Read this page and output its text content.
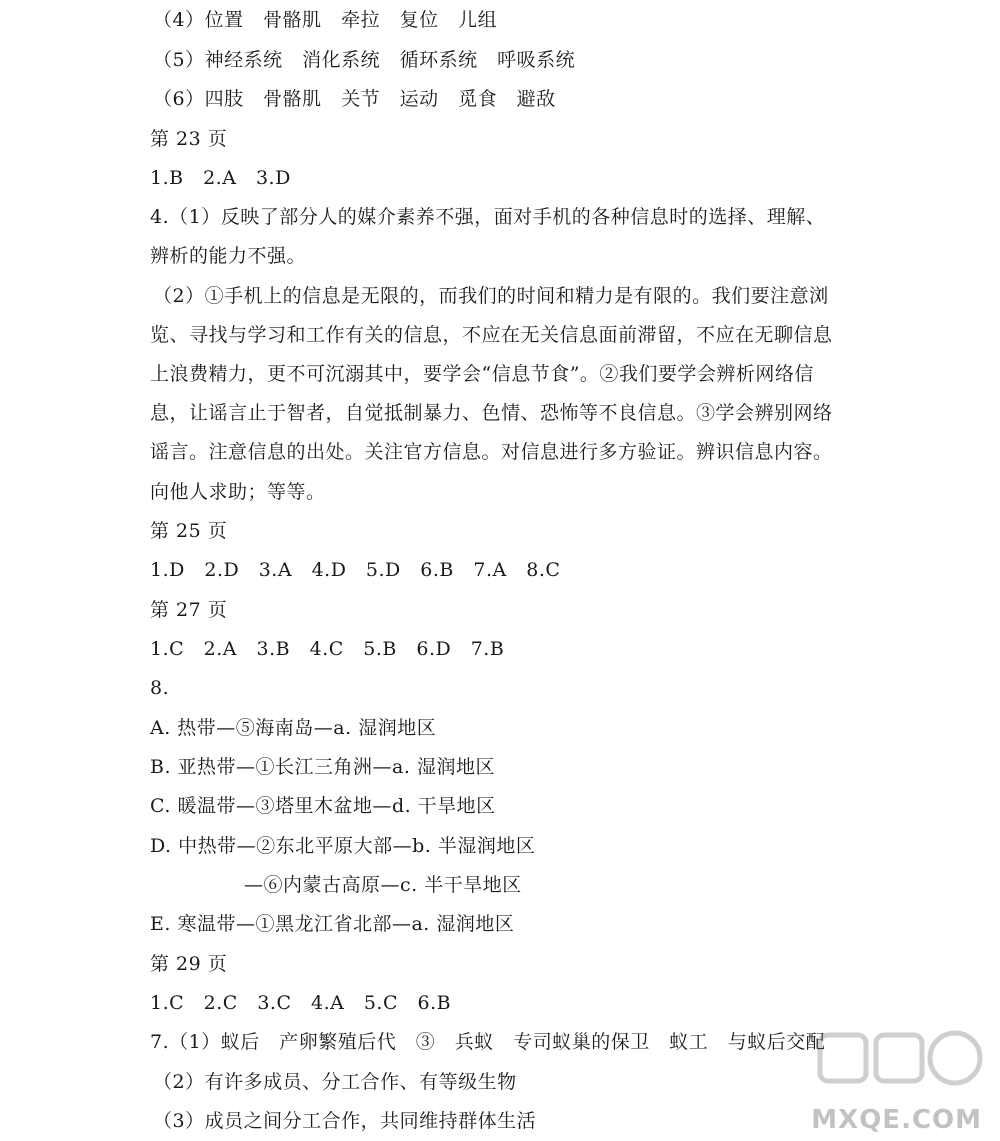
（4）位置　骨骼肌　牵拉　复位　儿组
（5）神经系统　消化系统　循环系统　呼吸系统
（6）四肢　骨骼肌　关节　运动　觅食　避敌
第 23 页
1.B　2.A　3.D
4.（1）反映了部分人的媒介素养不强，面对手机的各种信息时的选择、理解、
辨析的能力不强。
（2）①手机上的信息是无限的，而我们的时间和精力是有限的。我们要注意浏
览、寻找与学习和工作有关的信息，不应在无关信息面前滞留，不应在无聊信息
上浪费精力，更不可沉溺其中，要学会“信息节食”。②我们要学会辨析网络信
息，让谣言止于智者，自觉抵制暴力、色情、恐怖等不良信息。③学会辨别网络
谣言。注意信息的出处。关注官方信息。对信息进行多方验证。辨识信息内容。
向他人求助；等等。
第 25 页
1.D　2.D　3.A　4.D　5.D　6.B　7.A　8.C
第 27 页
1.C　2.A　3.B　4.C　5.B　6.D　7.B
8.
A. 热带—⑤海南岛—a. 湿润地区
B. 亚热带—①长江三角洲—a. 湿润地区
C. 暖温带—③塔里木盆地—d. 干旱地区
D. 中热带—②东北平原大部—b. 半湿润地区
—⑥内蒙古高原—c. 半干旱地区
E. 寒温带—①黑龙江省北部—a. 湿润地区
第 29 页
1.C　2.C　3.C　4.A　5.C　6.B
7.（1）蚁后　产卵繁殖后代　③　兵蚁　专司蚁巢的保卫　蚁工　与蚁后交配
（2）有许多成员、分工合作、有等级生物
（3）成员之间分工合作，共同维持群体生活	MXQE.COM
